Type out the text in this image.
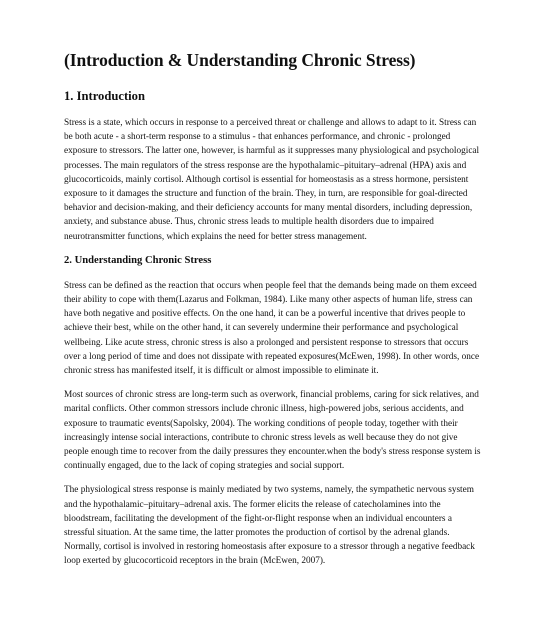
(Introduction & Understanding Chronic Stress)
1. Introduction

Stress is a state, which occurs in response to a perceived threat or challenge and allows to adapt to it. Stress can be both acute - a short-term response to a stimulus - that enhances performance, and chronic - prolonged exposure to stressors. The latter one, however, is harmful as it suppresses many physiological and psychological processes. The main regulators of the stress response are the hypothalamic–pituitary–adrenal (HPA) axis and glucocorticoids, mainly cortisol. Although cortisol is essential for homeostasis as a stress hormone, persistent exposure to it damages the structure and function of the brain. They, in turn, are responsible for goal-directed behavior and decision-making, and their deficiency accounts for many mental disorders, including depression, anxiety, and substance abuse. Thus, chronic stress leads to multiple health disorders due to impaired neurotransmitter functions, which explains the need for better stress management.

2. Understanding Chronic Stress

Stress can be defined as the reaction that occurs when people feel that the demands being made on them exceed their ability to cope with them(Lazarus and Folkman, 1984). Like many other aspects of human life, stress can have both negative and positive effects. On the one hand, it can be a powerful incentive that drives people to achieve their best, while on the other hand, it can severely undermine their performance and psychological wellbeing. Like acute stress, chronic stress is also a prolonged and persistent response to stressors that occurs over a long period of time and does not dissipate with repeated exposures(McEwen, 1998). In other words, once chronic stress has manifested itself, it is difficult or almost impossible to eliminate it.

Most sources of chronic stress are long-term such as overwork, financial problems, caring for sick relatives, and marital conflicts. Other common stressors include chronic illness, high-powered jobs, serious accidents, and exposure to traumatic events(Sapolsky, 2004). The working conditions of people today, together with their increasingly intense social interactions, contribute to chronic stress levels as well because they do not give people enough time to recover from the daily pressures they encounter.when the body's stress response system is continually engaged, due to the lack of coping strategies and social support.

The physiological stress response is mainly mediated by two systems, namely, the sympathetic nervous system and the hypothalamic–pituitary–adrenal axis. The former elicits the release of catecholamines into the bloodstream, facilitating the development of the fight-or-flight response when an individual encounters a stressful situation. At the same time, the latter promotes the production of cortisol by the adrenal glands. Normally, cortisol is involved in restoring homeostasis after exposure to a stressor through a negative feedback loop exerted by glucocorticoid receptors in the brain (McEwen, 2007).
